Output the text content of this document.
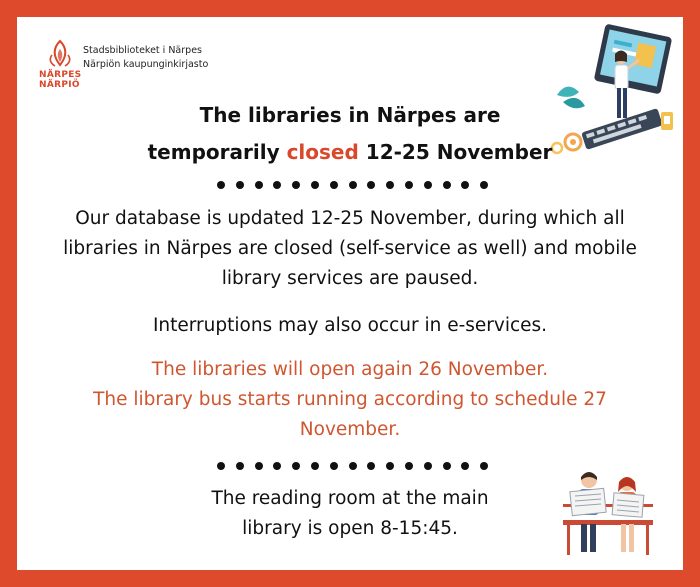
NÄRPES
NÄRPIÖ
Stadsbiblioteket i Närpes
Närpiön kaupunginkirjasto
The libraries in Närpes are
temporarily closed 12-25 November
Our database is updated 12-25 November, during which all libraries in Närpes are closed (self-service as well) and mobile library services are paused.
Interruptions may also occur in e-services.
The libraries will open again 26 November.
The library bus starts running according to schedule 27 November.
The reading room at the main library is open 8-15:45.
